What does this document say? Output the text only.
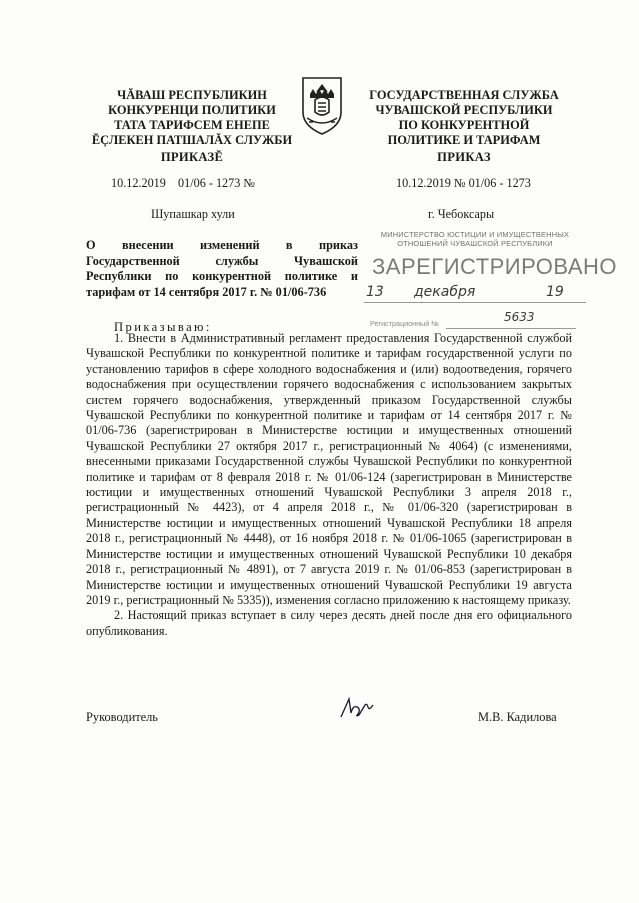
ЧĂВАШ РЕСПУБЛИКИН
КОНКУРЕНЦИ ПОЛИТИКИ
ТАТА ТАРИФСЕМ ЕНЕПЕ
ĔÇЛЕКЕН ПАТШАЛĂХ СЛУЖБИ
ГОСУДАРСТВЕННАЯ СЛУЖБА
ЧУВАШСКОЙ РЕСПУБЛИКИ
ПО КОНКУРЕНТНОЙ
ПОЛИТИКЕ И ТАРИФАМ
ПРИКАЗĔ	ПРИКАЗ
10.12.2019    01/06 - 1273 №	10.12.2019 № 01/06 - 1273
Шупашкар хули	г. Чебоксары
О внесении изменений в приказ Государственной службы Чувашской Республики по конкурентной политике и тарифам от 14 сентября 2017 г. № 01/06-736
МИНИСТЕРСТВО ЮСТИЦИИ И ИМУЩЕСТВЕННЫХ
ОТНОШЕНИЙ ЧУВАШСКОЙ РЕСПУБЛИКИ
ЗАРЕГИСТРИРОВАНО
13 декабря	19
Регистрационный №	5633
Приказываю:

1. Внести в Административный регламент предоставления Государственной службой Чувашской Республики по конкурентной политике и тарифам государственной услуги по установлению тарифов в сфере холодного водоснабжения и (или) водоотведения, горячего водоснабжения при осуществлении горячего водоснабжения с использованием закрытых систем горячего водоснабжения, утвержденный приказом Государственной службы Чувашской Республики по конкурентной политике и тарифам от 14 сентября 2017 г. № 01/06-736 (зарегистрирован в Министерстве юстиции и имущественных отношений Чувашской Республики 27 октября 2017 г., регистрационный № 4064) (с изменениями, внесенными приказами Государственной службы Чувашской Республики по конкурентной политике и тарифам от 8 февраля 2018 г. № 01/06-124 (зарегистрирован в Министерстве юстиции и имущественных отношений Чувашской Республики 3 апреля 2018 г., регистрационный № 4423), от 4 апреля 2018 г., № 01/06-320 (зарегистрирован в Министерстве юстиции и имущественных отношений Чувашской Республики 18 апреля 2018 г., регистрационный № 4448), от 16 ноября 2018 г. № 01/06-1065 (зарегистрирован в Министерстве юстиции и имущественных отношений Чувашской Республики 10 декабря 2018 г., регистрационный № 4891), от 7 августа 2019 г. № 01/06-853 (зарегистрирован в Министерстве юстиции и имущественных отношений Чувашской Республики 19 августа 2019 г., регистрационный № 5335)), изменения согласно приложению к настоящему приказу.

2. Настоящий приказ вступает в силу через десять дней после дня его официального опубликования.

Руководитель	М.В. Кадилова
